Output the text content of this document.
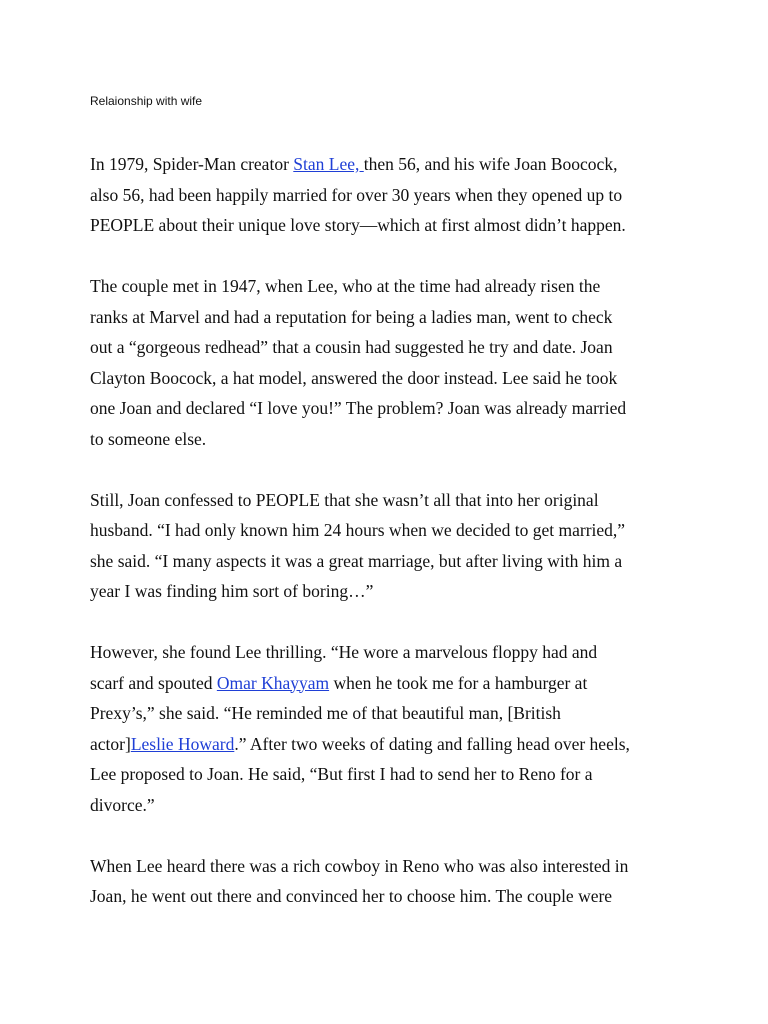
Relaionship with wife

In 1979, Spider-Man creator Stan Lee, then 56, and his wife Joan Boocock,
also 56, had been happily married for over 30 years when they opened up to
PEOPLE about their unique love story—which at first almost didn’t happen.

The couple met in 1947, when Lee, who at the time had already risen the
ranks at Marvel and had a reputation for being a ladies man, went to check
out a “gorgeous redhead” that a cousin had suggested he try and date. Joan
Clayton Boocock, a hat model, answered the door instead. Lee said he took
one Joan and declared “I love you!” The problem? Joan was already married
to someone else.

Still, Joan confessed to PEOPLE that she wasn’t all that into her original
husband. “I had only known him 24 hours when we decided to get married,”
she said. “I many aspects it was a great marriage, but after living with him a
year I was finding him sort of boring…”

However, she found Lee thrilling. “He wore a marvelous floppy had and
scarf and spouted Omar Khayyam when he took me for a hamburger at
Prexy’s,” she said. “He reminded me of that beautiful man, [British
actor]Leslie Howard.” After two weeks of dating and falling head over heels,
Lee proposed to Joan. He said, “But first I had to send her to Reno for a
divorce.”

When Lee heard there was a rich cowboy in Reno who was also interested in
Joan, he went out there and convinced her to choose him. The couple were
